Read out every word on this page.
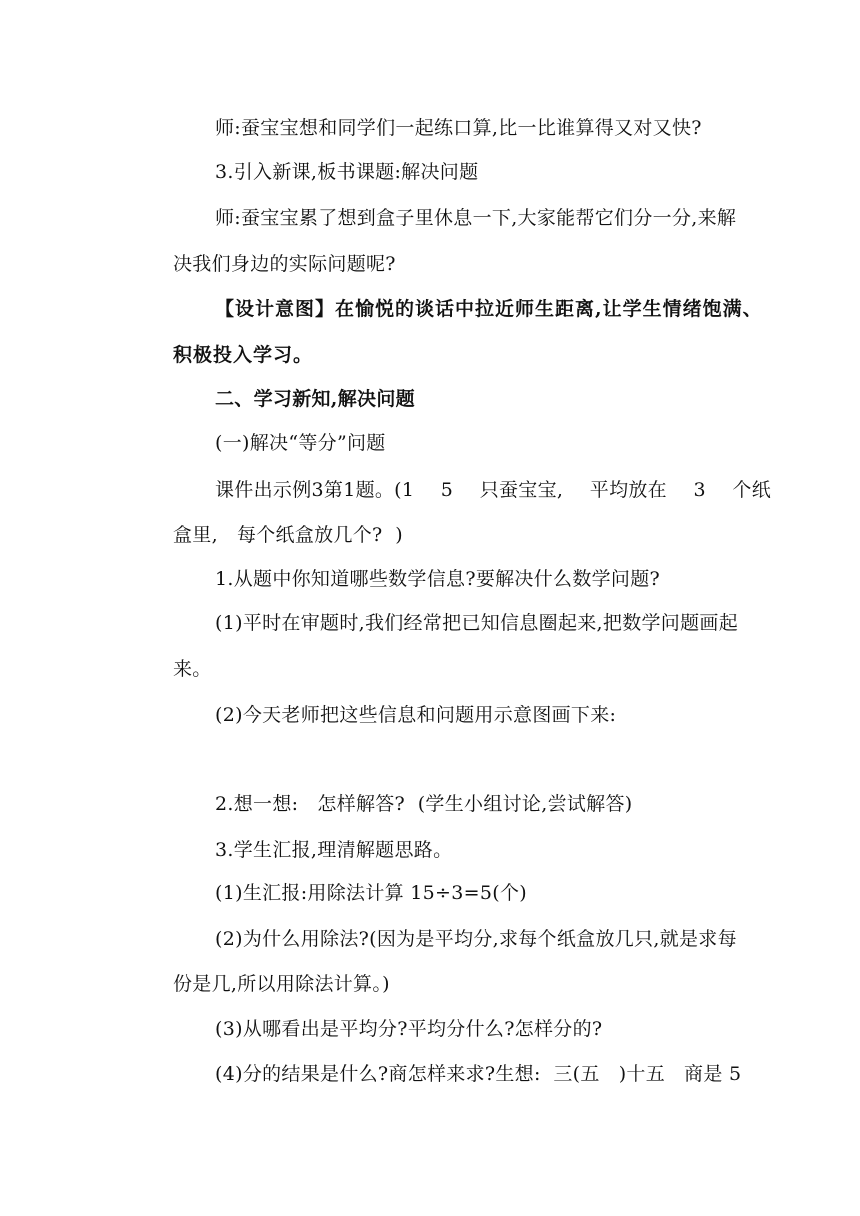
师:蚕宝宝想和同学们一起练口算,比一比谁算得又对又快?
3.引入新课,板书课题:解决问题
师:蚕宝宝累了想到盒子里休息一下,大家能帮它们分一分,来解
决我们身边的实际问题呢?
【设计意图】在愉悦的谈话中拉近师生距离,让学生情绪饱满、
积极投入学习。
二、学习新知,解决问题
(一)解决“等分”问题
课件出示例3第1题。(1 5 只蚕宝宝, 平均放在 3 个纸
盒里,   每个纸盒放几个?  )
1.从题中你知道哪些数学信息?要解决什么数学问题?
(1)平时在审题时,我们经常把已知信息圈起来,把数学问题画起
来。
(2)今天老师把这些信息和问题用示意图画下来:
2.想一想:   怎样解答?  (学生小组讨论,尝试解答)
3.学生汇报,理清解题思路。
(1)生汇报:用除法计算 15÷3=5(个)
(2)为什么用除法?(因为是平均分,求每个纸盒放几只,就是求每
份是几,所以用除法计算。)
(3)从哪看出是平均分?平均分什么?怎样分的?
(4)分的结果是什么?商怎样来求?生想:  三(五   )十五   商是 5
